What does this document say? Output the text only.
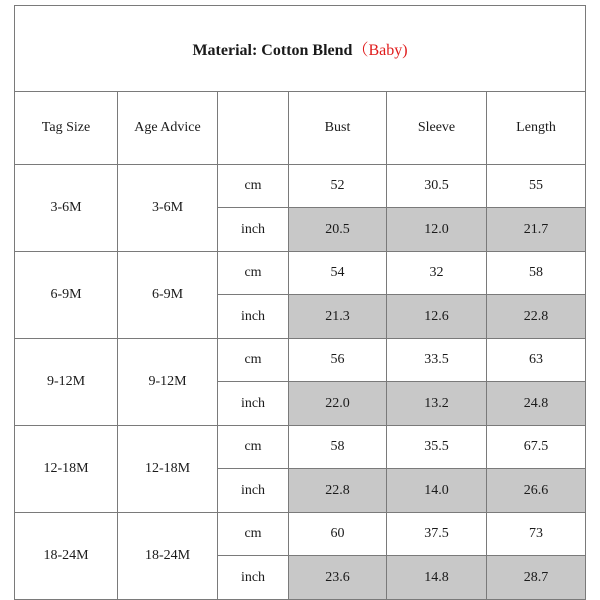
Material: Cotton Blend（Baby)					
Tag Size	Age Advice		Bust	Sleeve	Length
3-6M	3-6M	cm	52	30.5	55
		inch	20.5	12.0	21.7
6-9M	6-9M	cm	54	32	58
		inch	21.3	12.6	22.8
9-12M	9-12M	cm	56	33.5	63
		inch	22.0	13.2	24.8
12-18M	12-18M	cm	58	35.5	67.5
		inch	22.8	14.0	26.6
18-24M	18-24M	cm	60	37.5	73
		inch	23.6	14.8	28.7
